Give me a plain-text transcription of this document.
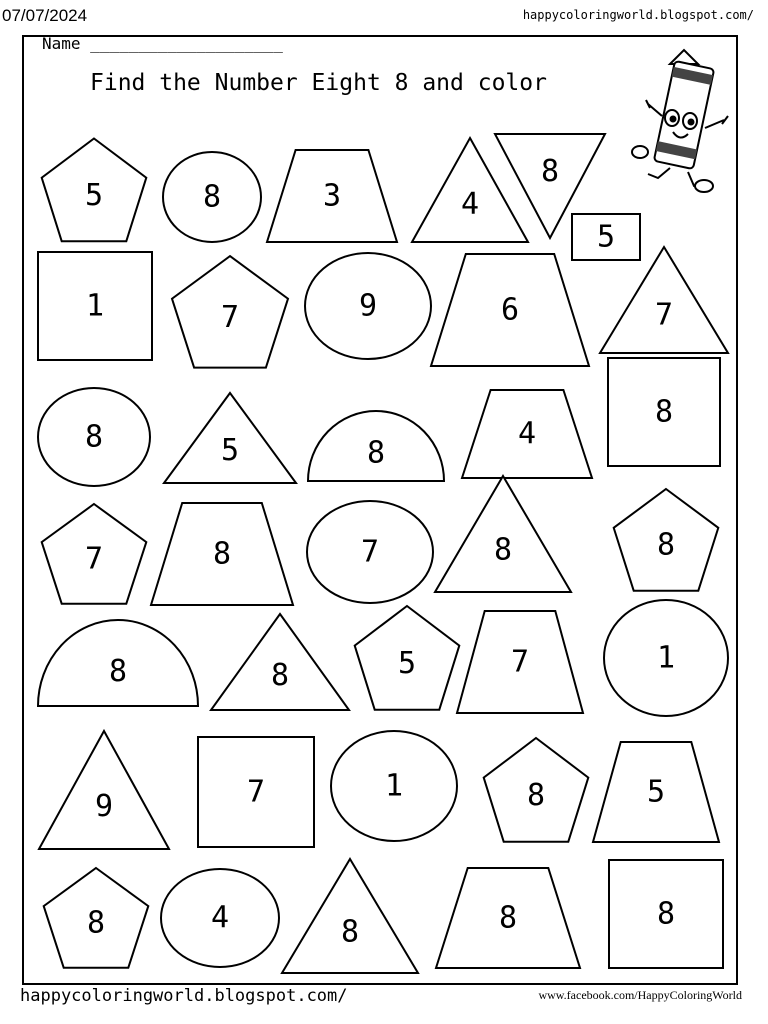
07/07/2024	happycoloringworld.blogspot.com/
Name ____________________
Find the Number Eight 8 and color
5	8	3	4
8
5
1	7	9	6	7
8	5	8
4
8
7	8	7	8	8
8	8	5	7	1
9	7	1	8	5
8	4	8	8	8
happycoloringworld.blogspot.com/	www.facebook.com/HappyColoringWorld
